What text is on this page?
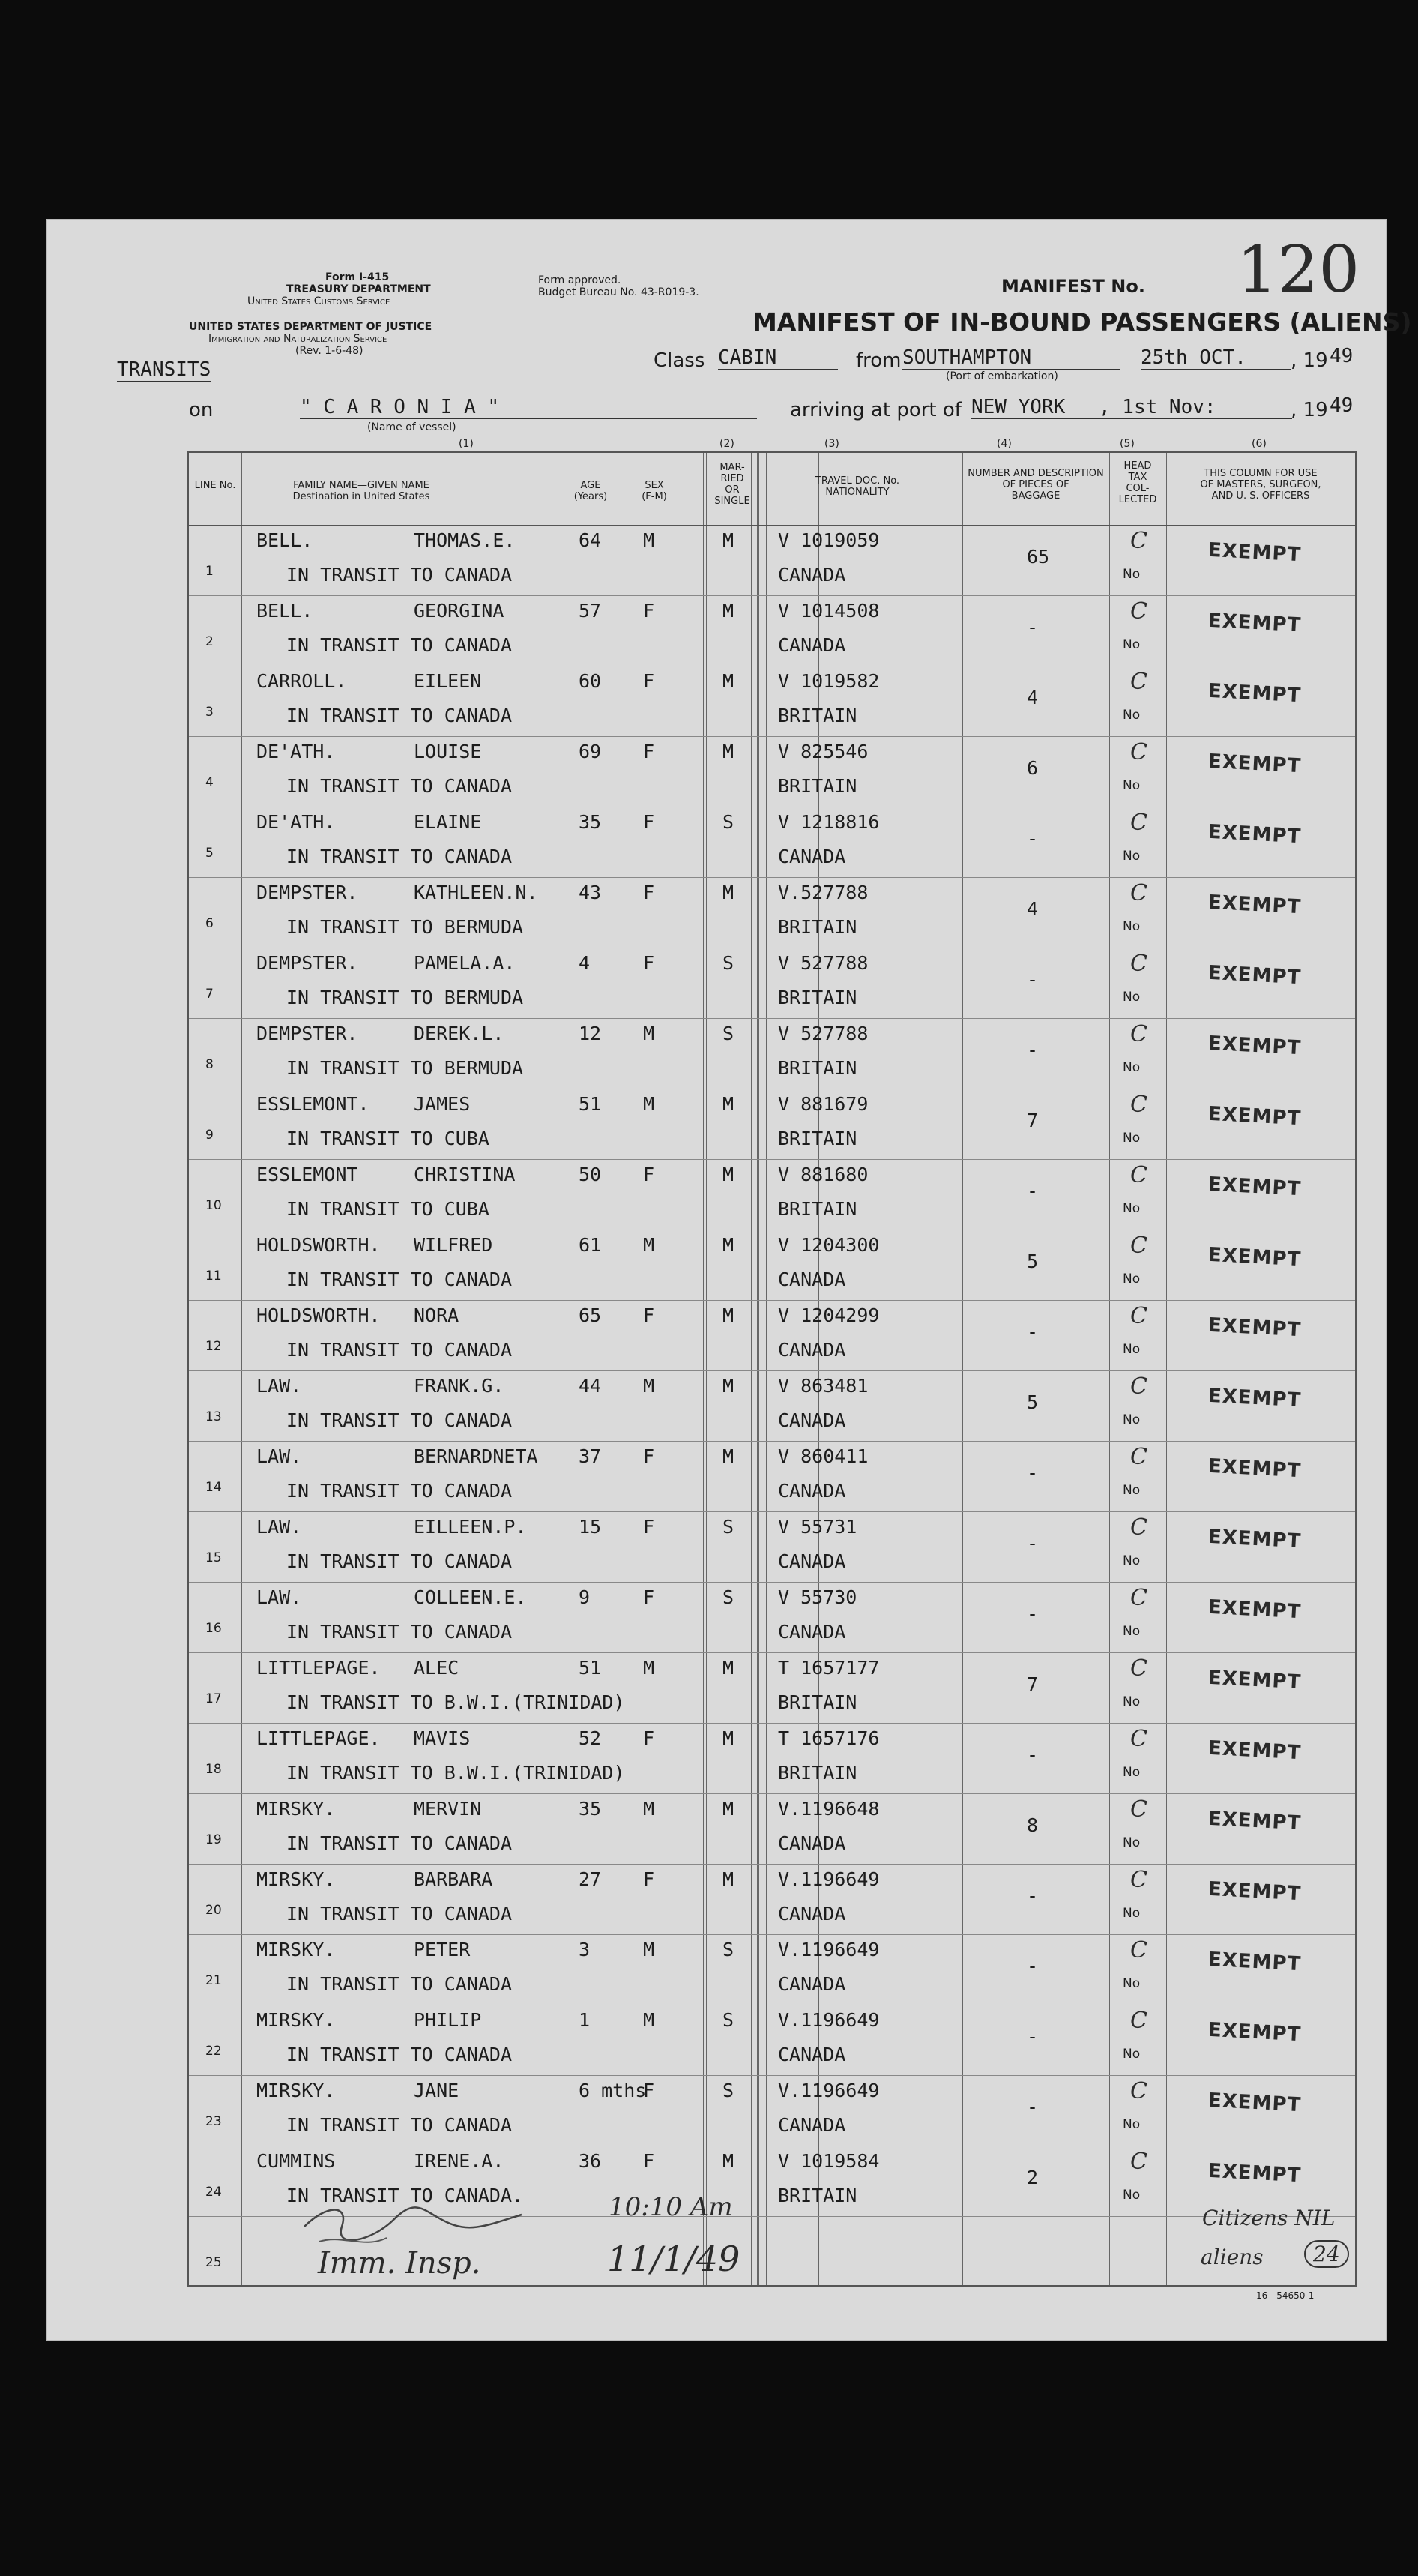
Form I-415
TREASURY DEPARTMENT
United States Customs Service
UNITED STATES DEPARTMENT OF JUSTICE
Immigration and Naturalization Service
(Rev. 1-6-48)
Form approved.
Budget Bureau No. 43-R019-3.	MANIFEST No. 120
MANIFEST OF IN-BOUND PASSENGERS (ALIENS)
TRANSITS	Class CABIN	from SOUTHAMPTON
(Port of embarkation)
25th OCT.	, 19 49
on	" C A R O N I A "
(Name of vessel)
arriving at port of NEW YORK	, 1st Nov:	, 19 49
(1)	(2)	(3)	(4)	(5)	(6)
LINE No.	FAMILY NAME—GIVEN NAME
Destination in United States
AGE
(Years)
SEX
(F-M)
MAR-
RIED
OR
SINGLE
TRAVEL DOC. No.
NATIONALITY
NUMBER AND DESCRIPTION
OF PIECES OF
BAGGAGE
HEAD
TAX
COL-
LECTED
THIS COLUMN FOR USE
OF MASTERS, SURGEON,
AND U. S. OFFICERS
1
BELL.	THOMAS.E.	64 M	M V 1019059
IN TRANSIT TO CANADA	CANADA
65
C
No
EXEMPT
2
BELL.	GEORGINA	57 F	M V 1014508
IN TRANSIT TO CANADA	CANADA
-
C
No
EXEMPT
3
CARROLL.	EILEEN	60 F	M V 1019582
IN TRANSIT TO CANADA	BRITAIN
4
C
No
EXEMPT
4
DE'ATH.	LOUISE	69 F	M V 825546
IN TRANSIT TO CANADA	BRITAIN
6
C
No
EXEMPT
5
DE'ATH.	ELAINE	35 F	S V 1218816
IN TRANSIT TO CANADA	CANADA
-
C
No
EXEMPT
6
DEMPSTER.	KATHLEEN.N. 43 F	M V.527788
IN TRANSIT TO BERMUDA	BRITAIN
4
C
No
EXEMPT
7
DEMPSTER.	PAMELA.A.	4	F	S V 527788
IN TRANSIT TO BERMUDA	BRITAIN
-
C
No
EXEMPT
8
DEMPSTER.	DEREK.L.	12 M	S V 527788
IN TRANSIT TO BERMUDA	BRITAIN
-
C
No
EXEMPT
9
ESSLEMONT. JAMES	51 M	M V 881679
IN TRANSIT TO CUBA	BRITAIN
7
C
No
EXEMPT
10
ESSLEMONT	CHRISTINA	50 F	M V 881680
IN TRANSIT TO CUBA	BRITAIN
-
C
No
EXEMPT
11
HOLDSWORTH. WILFRED	61 M	M V 1204300
IN TRANSIT TO CANADA	CANADA
5
C
No
EXEMPT
12
HOLDSWORTH. NORA	65 F	M V 1204299
IN TRANSIT TO CANADA	CANADA
-
C
No
EXEMPT
13
LAW.	FRANK.G.	44 M	M V 863481
IN TRANSIT TO CANADA	CANADA
5
C
No
EXEMPT
14
LAW.	BERNARDNETA 37 F	M V 860411
IN TRANSIT TO CANADA	CANADA
-
C
No
EXEMPT
15
LAW.	EILLEEN.P.	15 F	S V 55731
IN TRANSIT TO CANADA	CANADA
-
C
No
EXEMPT
16
LAW.	COLLEEN.E.	9	F	S V 55730
IN TRANSIT TO CANADA	CANADA
-
C
No
EXEMPT
17
LITTLEPAGE. ALEC	51 M	M T 1657177
IN TRANSIT TO B.W.I.(TRINIDAD)	BRITAIN
7
C
No
EXEMPT
18
LITTLEPAGE. MAVIS	52 F	M T 1657176
IN TRANSIT TO B.W.I.(TRINIDAD)	BRITAIN
-
C
No
EXEMPT
19
MIRSKY.	MERVIN	35 M	M V.1196648
IN TRANSIT TO CANADA	CANADA
8
C
No
EXEMPT
20
MIRSKY.	BARBARA	27 F	M V.1196649
IN TRANSIT TO CANADA	CANADA
-
C
No
EXEMPT
21
MIRSKY.	PETER	3	M	S V.1196649
IN TRANSIT TO CANADA	CANADA
-
C
No
EXEMPT
22
MIRSKY.	PHILIP	1	M	S V.1196649
IN TRANSIT TO CANADA	CANADA
-
C
No
EXEMPT
23
MIRSKY.	JANE	6 mths
F	S V.1196649
IN TRANSIT TO CANADA	CANADA
-
C
No
EXEMPT
24
CUMMINS	IRENE.A.	36 F	M V 1019584
IN TRANSIT TO CANADA.	BRITAIN
2
C
No
EXEMPT
25
10:10 Am
Imm. Insp.	11/1/49
Citizens NIL
aliens	24
16—54650-1
